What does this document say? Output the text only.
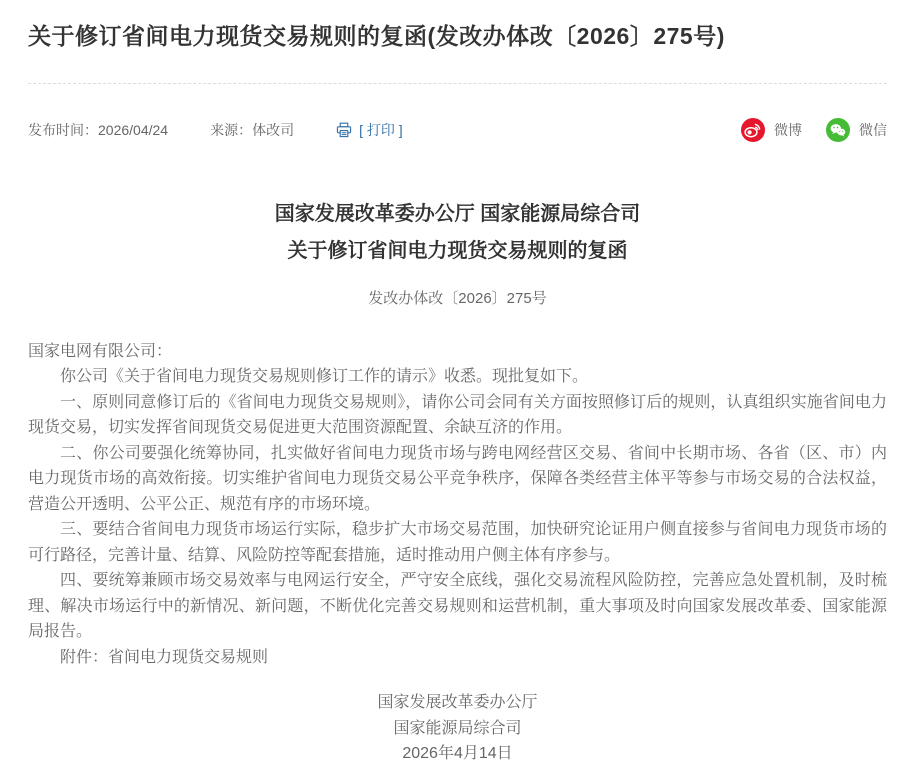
关于修订省间电力现货交易规则的复函(发改办体改〔2026〕275号)
发布时间：2026/04/24	来源：体改司	[ 打印 ]	微博	微信
国家发展改革委办公厅 国家能源局综合司
关于修订省间电力现货交易规则的复函

发改办体改〔2026〕275号

国家电网有限公司：

你公司《关于省间电力现货交易规则修订工作的请示》收悉。现批复如下。

一、原则同意修订后的《省间电力现货交易规则》，请你公司会同有关方面按照修订后的规则，认真组织实施省间电力现货交易，切实发挥省间现货交易促进更大范围资源配置、余缺互济的作用。

二、你公司要强化统筹协同，扎实做好省间电力现货市场与跨电网经营区交易、省间中长期市场、各省（区、市）内电力现货市场的高效衔接。切实维护省间电力现货交易公平竞争秩序，保障各类经营主体平等参与市场交易的合法权益，营造公开透明、公平公正、规范有序的市场环境。

三、要结合省间电力现货市场运行实际，稳步扩大市场交易范围，加快研究论证用户侧直接参与省间电力现货市场的可行路径，完善计量、结算、风险防控等配套措施，适时推动用户侧主体有序参与。

四、要统筹兼顾市场交易效率与电网运行安全，严守安全底线，强化交易流程风险防控，完善应急处置机制，及时梳理、解决市场运行中的新情况、新问题，不断优化完善交易规则和运营机制，重大事项及时向国家发展改革委、国家能源局报告。

附件：省间电力现货交易规则

国家发展改革委办公厅
国家能源局综合司
2026年4月14日
